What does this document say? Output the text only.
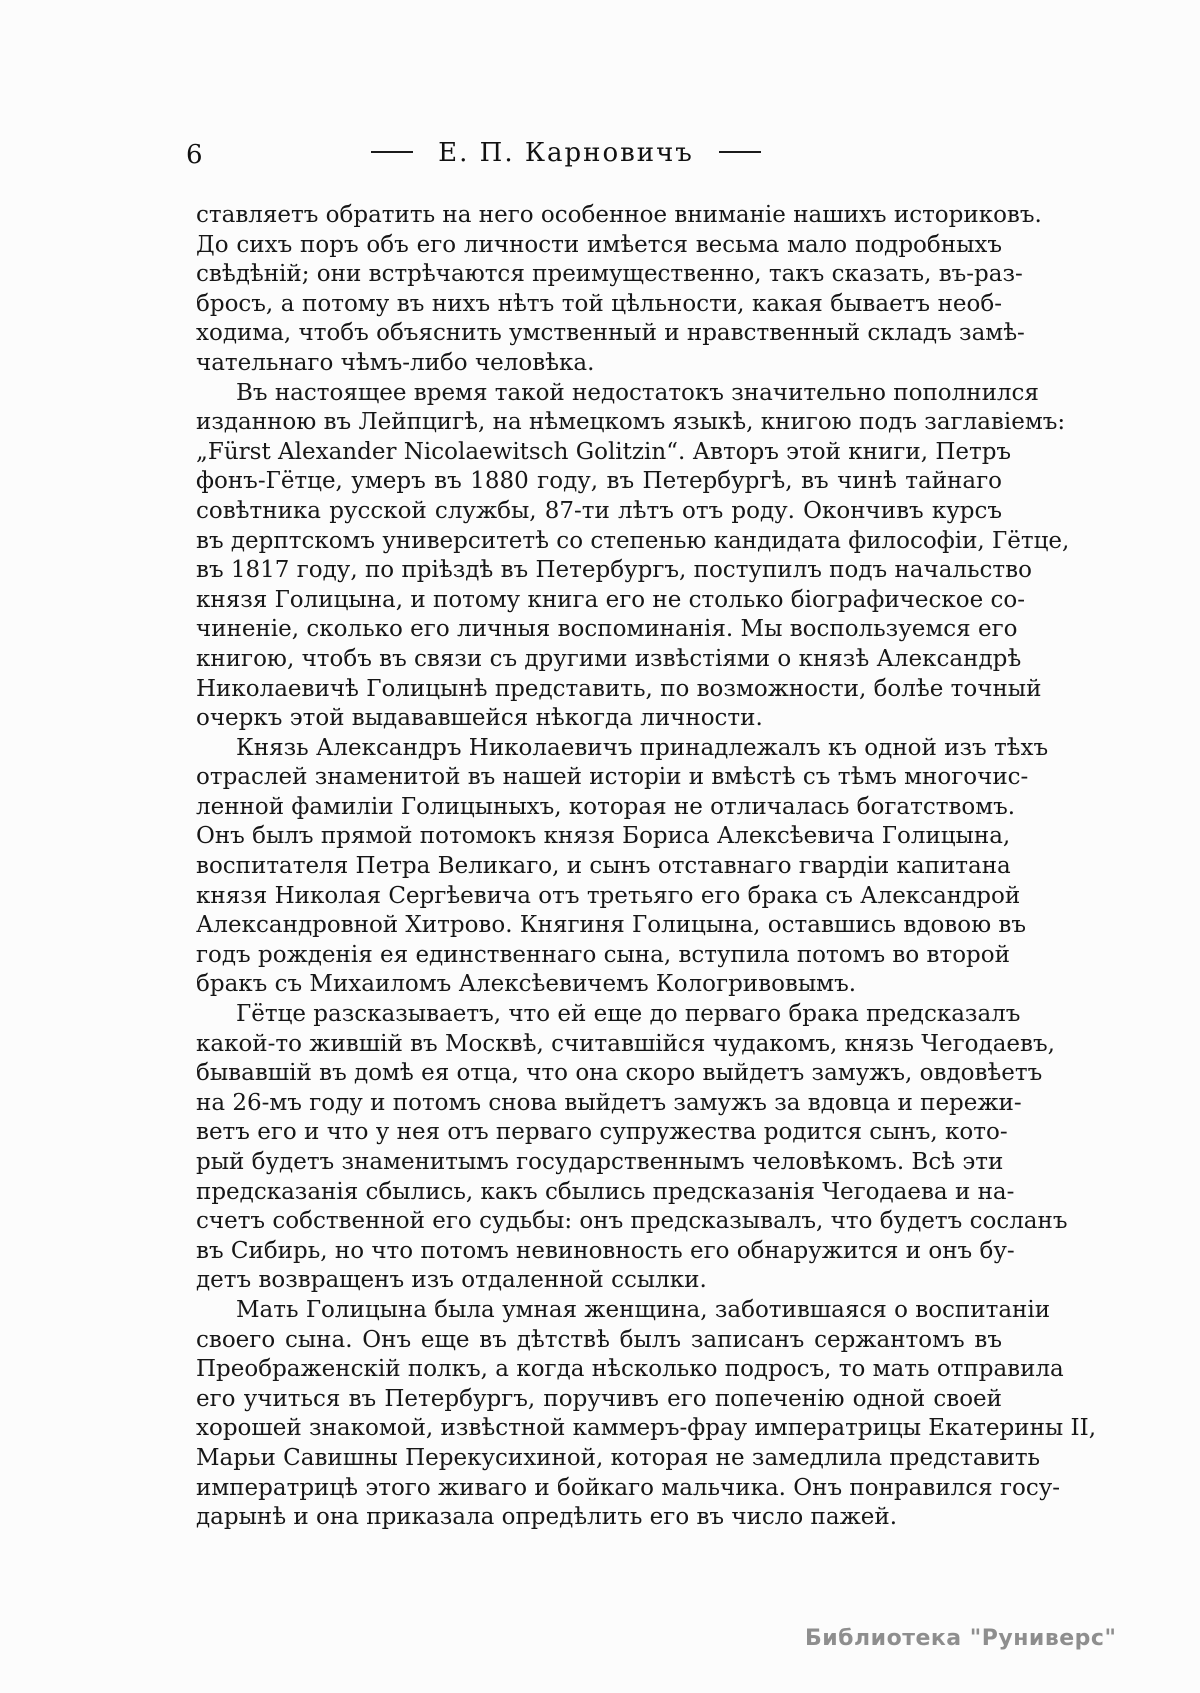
6	Е. П. Карновичъ
ставляетъ обратить на него особенное вниманіе нашихъ историковъ.
До сихъ поръ объ его личности имѣется весьма мало подробныхъ
свѣдѣній; они встрѣчаются преимущественно, такъ сказать, въ-раз-
бросъ, а потому въ нихъ нѣтъ той цѣльности, какая бываетъ необ-
ходима, чтобъ объяснить умственный и нравственный складъ замѣ-
чательнаго чѣмъ-либо человѣка.
Въ настоящее время такой недостатокъ значительно пополнился
изданною въ Лейпцигѣ, на нѣмецкомъ языкѣ, книгою подъ заглавіемъ:
„Fürst Alexander Nicolaewitsch Golitzin“. Авторъ этой книги, Петръ
фонъ-Гётце, умеръ въ 1880 году, въ Петербургѣ, въ чинѣ тайнаго
совѣтника русской службы, 87-ти лѣтъ отъ роду. Окончивъ курсъ
въ дерптскомъ университетѣ со степенью кандидата философіи, Гётце,
въ 1817 году, по пріѣздѣ въ Петербургъ, поступилъ подъ начальство
князя Голицына, и потому книга его не столько біографическое со-
чиненіе, сколько его личныя воспоминанія. Мы воспользуемся его
книгою, чтобъ въ связи съ другими извѣстіями о князѣ Александрѣ
Николаевичѣ Голицынѣ представить, по возможности, болѣе точный
очеркъ этой выдававшейся нѣкогда личности.
Князь Александръ Николаевичъ принадлежалъ къ одной изъ тѣхъ
отраслей знаменитой въ нашей исторіи и вмѣстѣ съ тѣмъ многочис-
ленной фамиліи Голицыныхъ, которая не отличалась богатствомъ.
Онъ былъ прямой потомокъ князя Бориса Алексѣевича Голицына,
воспитателя Петра Великаго, и сынъ отставнаго гвардіи капитана
князя Николая Сергѣевича отъ третьяго его брака съ Александрой
Александровной Хитрово. Княгиня Голицына, оставшись вдовою въ
годъ рожденія ея единственнаго сына, вступила потомъ во второй
бракъ съ Михаиломъ Алексѣевичемъ Кологривовымъ.
Гётце разсказываетъ, что ей еще до перваго брака предсказалъ
какой-то жившій въ Москвѣ, считавшійся чудакомъ, князь Чегодаевъ,
бывавшій въ домѣ ея отца, что она скоро выйдетъ замужъ, овдовѣетъ
на 26-мъ году и потомъ снова выйдетъ замужъ за вдовца и пережи-
ветъ его и что у нея отъ перваго супружества родится сынъ, кото-
рый будетъ знаменитымъ государственнымъ человѣкомъ. Всѣ эти
предсказанія сбылись, какъ сбылись предсказанія Чегодаева и на-
счетъ собственной его судьбы: онъ предсказывалъ, что будетъ сосланъ
въ Сибирь, но что потомъ невиновность его обнаружится и онъ бу-
детъ возвращенъ изъ отдаленной ссылки.
Мать Голицына была умная женщина, заботившаяся о воспитаніи
своего сына. Онъ еще въ дѣтствѣ былъ записанъ сержантомъ въ
Преображенскій полкъ, а когда нѣсколько подросъ, то мать отправила
его учиться въ Петербургъ, поручивъ его попеченію одной своей
хорошей знакомой, извѣстной каммеръ-фрау императрицы Екатерины II,
Марьи Савишны Перекусихиной, которая не замедлила представить
императрицѣ этого живаго и бойкаго мальчика. Онъ понравился госу-
дарынѣ и она приказала опредѣлить его въ число пажей.
Библиотека "Руниверс"
